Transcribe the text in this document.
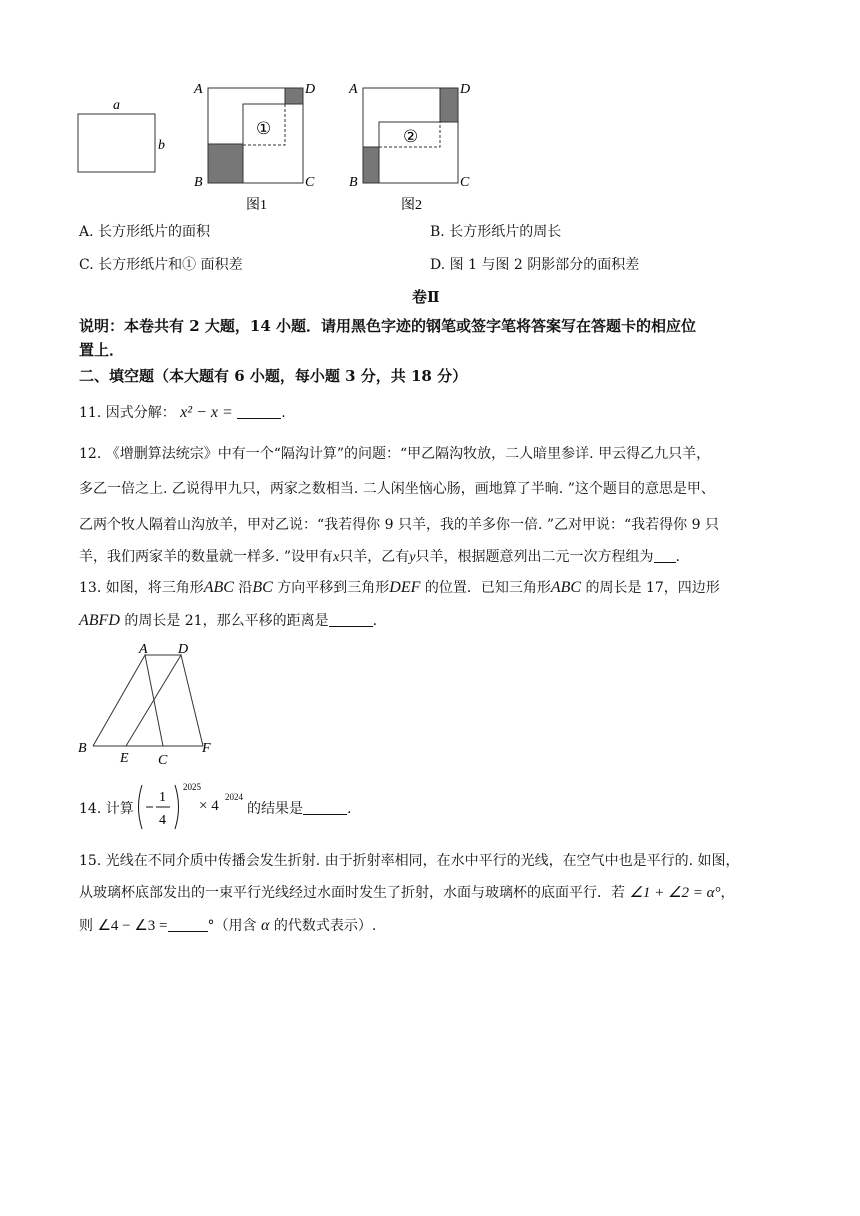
a
b
A	D
B	C
①
图1
A	D
B	C
②
图2
A. 长方形纸片的面积	B. 长方形纸片的周长
C. 长方形纸片和① 面积差	D. 图 1 与图 2 阴影部分的面积差
卷Ⅱ
说明：本卷共有 2 大题，14 小题．请用黑色字迹的钢笔或签字笔将答案写在答题卡的相应位
置上．
二、填空题（本大题有 6 小题，每小题 3 分，共 18 分）
11. 因式分解： x² − x =	.
12. 《增删算法统宗》中有一个“隔沟计算”的问题：“甲乙隔沟牧放，二人暗里参详. 甲云得乙九只羊，
多乙一倍之上. 乙说得甲九只，两家之数相当. 二人闲坐恼心肠，画地算了半晌. ”这个题目的意思是甲、
乙两个牧人隔着山沟放羊，甲对乙说：“我若得你 9 只羊，我的羊多你一倍. ”乙对甲说：“我若得你 9 只
羊，我们两家羊的数量就一样多. ”设甲有x只羊，乙有y只羊，根据题意列出二元一次方程组为 .
13. 如图，将三角形ABC 沿BC 方向平移到三角形DEF 的位置．已知三角形ABC 的周长是 17，四边形
ABFD 的周长是 21，那么平移的距离是	.
A D
B
E C
F
14. 计算
1
4
2025
× 4
2024
的结果是	.
15. 光线在不同介质中传播会发生折射. 由于折射率相同，在水中平行的光线，在空气中也是平行的. 如图，
从玻璃杯底部发出的一束平行光线经过水面时发生了折射，水面与玻璃杯的底面平行．若 ∠1 + ∠2 = α°，
则 ∠4 − ∠3 =	°（用含 α 的代数式表示）.
